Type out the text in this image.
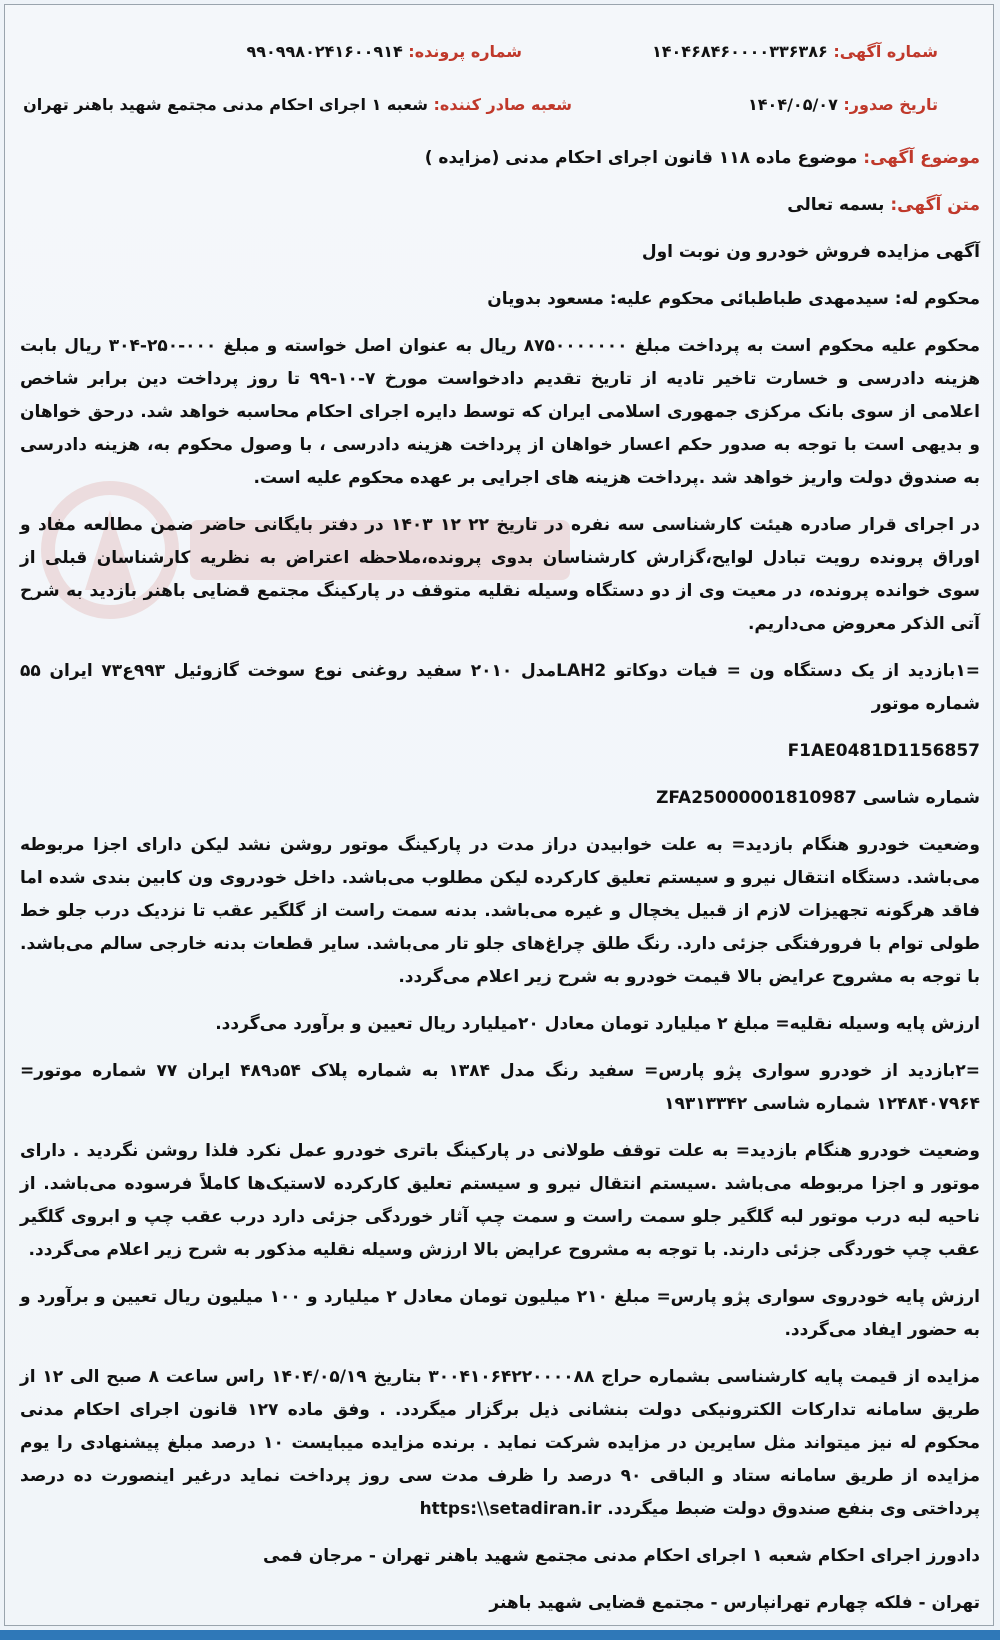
شماره آگهی: ۱۴۰۴۶۸۴۶۰۰۰۰۳۳۶۳۸۶
شماره پرونده: ۹۹۰۹۹۸۰۲۴۱۶۰۰۹۱۴
تاریخ صدور: ۱۴۰۴/۰۵/۰۷
شعبه صادر کننده: شعبه ۱ اجرای احکام مدنی مجتمع شهید باهنر تهران

موضوع آگهی: موضوع ماده ۱۱۸ قانون اجرای احکام مدنی (مزایده )

متن آگهی: بسمه تعالی

آگهی مزایده فروش خودرو ون نوبت اول

محکوم له: سیدمهدی طباطبائی محکوم علیه: مسعود بدویان

محکوم علیه محکوم است به پرداخت مبلغ ۸۷۵۰۰۰۰۰۰۰ ریال به عنوان اصل خواسته و مبلغ ۰۰۰-۲۵۰-۳۰۴ ریال بابت هزینه دادرسی و خسارت تاخیر تادیه از تاریخ تقدیم دادخواست مورخ ۷-۱۰-۹۹ تا روز پرداخت دین برابر شاخص اعلامی از سوی بانک مرکزی جمهوری اسلامی ایران که توسط دایره اجرای احکام محاسبه خواهد شد. درحق خواهان و بدیهی است با توجه به صدور حکم اعسار خواهان از پرداخت هزینه دادرسی ، با وصول محکوم به، هزینه دادرسی به صندوق دولت واریز خواهد شد .پرداخت هزینه های اجرایی بر عهده محکوم علیه است.

در اجرای قرار صادره هیئت کارشناسی سه نفره در تاریخ ۲۲ ۱۲ ۱۴۰۳ در دفتر بایگانی حاضر ضمن مطالعه مفاد و اوراق پرونده رویت تبادل لوایح،گزارش کارشناسان بدوی پرونده،ملاحظه اعتراض به نظریه کارشناسان قبلی از سوی خوانده پرونده، در معیت وی از دو دستگاه وسیله نقلیه متوقف در پارکینگ مجتمع قضایی باهنر بازدید به شرح آتی الذکر معروض می‌داریم.

=۱بازدید از یک دستگاه ون = فیات دوکاتو LAH2مدل ۲۰۱۰ سفید روغنی نوع سوخت گازوئیل ۹۹۳ع۷۳ ایران ۵۵ شماره موتور

F1AE0481D1156857

شماره شاسی ZFA25000001810987

وضعیت خودرو هنگام بازدید= به علت خوابیدن دراز مدت در پارکینگ موتور روشن نشد لیکن دارای اجزا مربوطه می‌باشد. دستگاه انتقال نیرو و سیستم تعلیق کارکرده لیکن مطلوب می‌باشد. داخل خودروی ون کابین بندی شده اما فاقد هرگونه تجهیزات لازم از قبیل یخچال و غیره می‌باشد. بدنه سمت راست از گلگیر عقب تا نزدیک درب جلو خط طولی توام با فرورفتگی جزئی دارد. رنگ طلق چراغ‌های جلو تار می‌باشد. سایر قطعات بدنه خارجی سالم می‌باشد. با توجه به مشروح عرایض بالا قیمت خودرو به شرح زیر اعلام می‌گردد.

ارزش پایه وسیله نقلیه= مبلغ ۲ میلیارد تومان معادل ۲۰میلیارد ریال تعیین و برآورد می‌گردد.

=۲بازدید از خودرو سواری پژو پارس= سفید رنگ مدل ۱۳۸۴ به شماره پلاک ۵۴د۴۸۹ ایران ۷۷ شماره موتور= ۱۲۴۸۴۰۷۹۶۴ شماره شاسی ۱۹۳۱۳۳۴۲

وضعیت خودرو هنگام بازدید= به علت توقف طولانی در پارکینگ باتری خودرو عمل نکرد فلذا روشن نگردید . دارای موتور و اجزا مربوطه می‌باشد .سیستم انتقال نیرو و سیستم تعلیق کارکرده لاستیک‌ها کاملاً فرسوده می‌باشد. از ناحیه لبه درب موتور لبه گلگیر جلو سمت راست و سمت چپ آثار خوردگی جزئی دارد درب عقب چپ و ابروی گلگیر عقب چپ خوردگی جزئی دارند. با توجه به مشروح عرایض بالا ارزش وسیله نقلیه مذکور به شرح زیر اعلام می‌گردد.

ارزش پایه خودروی سواری پژو پارس= مبلغ ۲۱۰ میلیون تومان معادل ۲ میلیارد و ۱۰۰ میلیون ریال تعیین و برآورد و به حضور ایفاد می‌گردد.

مزایده از قیمت پایه کارشناسی بشماره حراج ۳۰۰۴۱۰۶۴۲۲۰۰۰۰۸۸ بتاریخ ۱۴۰۴/۰۵/۱۹ راس ساعت ۸ صبح الی ۱۲ از طریق سامانه تدارکات الکترونیکی دولت بنشانی ذیل برگزار میگردد. . وفق ماده ۱۲۷ قانون اجرای احکام مدنی محکوم له نیز میتواند مثل سایرین در مزایده شرکت نماید . برنده مزایده میبایست ۱۰ درصد مبلغ پیشنهادی را یوم مزایده از طریق سامانه ستاد و الباقی ۹۰ درصد را ظرف مدت سی روز پرداخت نماید درغیر اینصورت ده درصد پرداختی وی بنفع صندوق دولت ضبط میگردد. https:\\setadiran.ir

دادورز اجرای احکام شعبه ۱ اجرای احکام مدنی مجتمع شهید باهنر تهران - مرجان فمی

تهران - فلکه چهارم تهرانپارس - مجتمع قضایی شهید باهنر
